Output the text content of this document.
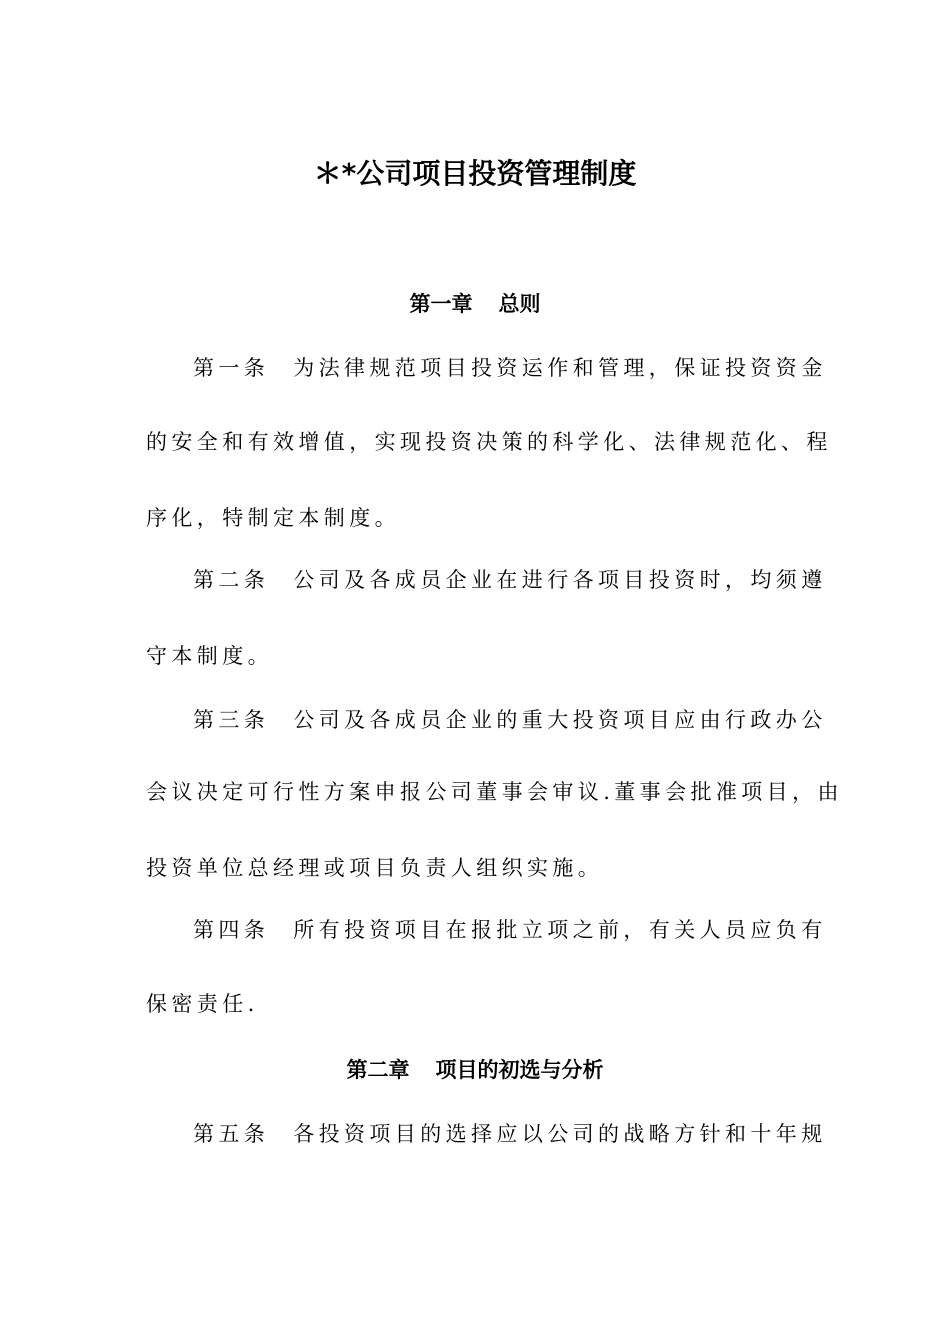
＊*公司项目投资管理制度
第一章 总则
第一条 为法律规范项目投资运作和管理，保证投资资金
的安全和有效增值，实现投资决策的科学化、法律规范化、程
序化，特制定本制度。
第二条 公司及各成员企业在进行各项目投资时，均须遵
守本制度。
第三条 公司及各成员企业的重大投资项目应由行政办公
会议决定可行性方案申报公司董事会审议.董事会批准项目，由
投资单位总经理或项目负责人组织实施。
第四条 所有投资项目在报批立项之前，有关人员应负有
保密责任.
第二章 项目的初选与分析
第五条 各投资项目的选择应以公司的战略方针和十年规
